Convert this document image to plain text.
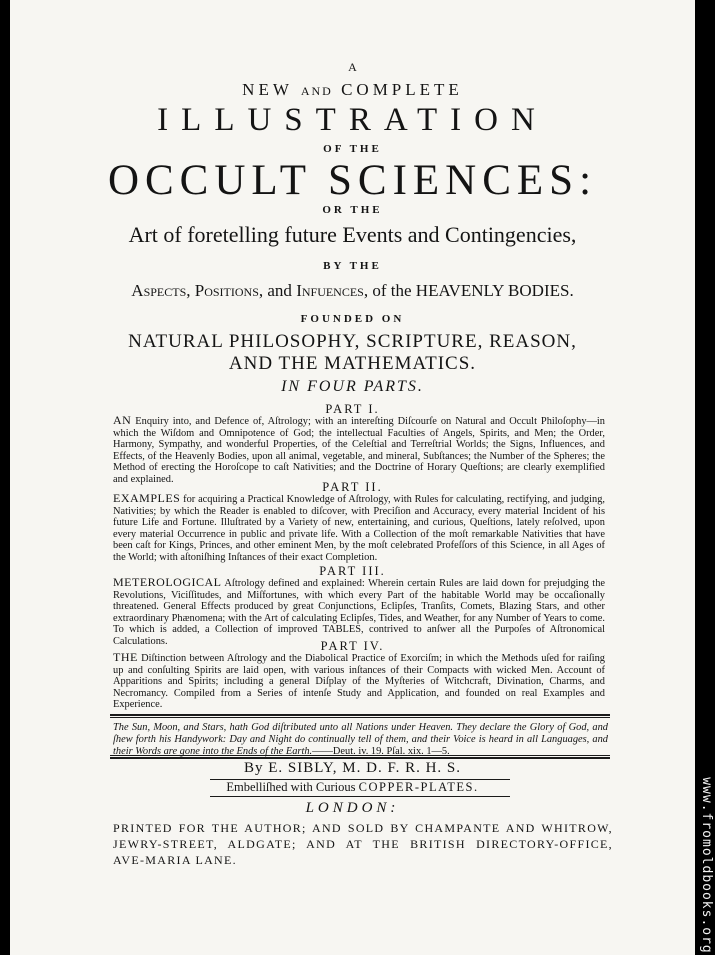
A
NEW AND COMPLETE
ILLUSTRATION
OF THE
OCCULT SCIENCES:
OR THE
Art of foretelling future Events and Contingencies,
BY THE
Aspects, Positions, and Infuences, of the HEAVENLY BODIES.
FOUNDED ON
NATURAL PHILOSOPHY, SCRIPTURE, REASON,
AND THE MATHEMATICS.
IN FOUR PARTS.
PART I.
AN Enquiry into, and Defence of, Aſtrology; with an intereſting Diſcourſe on Natural and Occult Philoſophy—in which the Wiſdom and Omnipotence of God; the intellectual Faculties of Angels, Spirits, and Men; the Order, Harmony, Sympathy, and wonderful Properties, of the Celeſtial and Terreſtrial Worlds; the Signs, Influences, and Effects, of the Heavenly Bodies, upon all animal, vegetable, and mineral, Subſtances; the Number of the Spheres; the Method of erecting the Horoſcope to caſt Nativities; and the Doctrine of Horary Queſtions; are clearly exemplified and explained.
PART II.
EXAMPLES for acquiring a Practical Knowledge of Aſtrology, with Rules for calculating, rectifying, and judging, Nativities; by which the Reader is enabled to diſcover, with Preciſion and Accuracy, every material Incident of his future Life and Fortune. Illuſtrated by a Variety of new, entertaining, and curious, Queſtions, lately reſolved, upon every material Occurrence in public and private life. With a Collection of the moſt remarkable Nativities that have been caſt for Kings, Princes, and other eminent Men, by the moſt celebrated Profeſſors of this Science, in all Ages of the World; with aſtoniſhing Inſtances of their exact Completion.
PART III.
METEROLOGICAL Aſtrology defined and explained: Wherein certain Rules are laid down for prejudging the Revolutions, Viciſſitudes, and Miſfortunes, with which every Part of the habitable World may be occaſionally threatened. General Effects produced by great Conjunctions, Eclipſes, Tranſits, Comets, Blazing Stars, and other extraordinary Phænomena; with the Art of calculating Eclipſes, Tides, and Weather, for any Number of Years to come. To which is added, a Collection of improved TABLES, contrived to anſwer all the Purpoſes of Aſtronomical Calculations.	PART IV.
THE Diſtinction between Aſtrology and the Diabolical Practice of Exorciſm; in which the Methods uſed for raiſing up and conſulting Spirits are laid open, with various inſtances of their Compacts with wicked Men. Account of Apparitions and Spirits; including a general Diſplay of the Myſteries of Witchcraft, Divination, Charms, and Necromancy. Compiled from a Series of intenſe Study and Application, and founded on real Examples and Experience.
The Sun, Moon, and Stars, hath God diſtributed unto all Nations under Heaven. They declare the Glory of God, and ſhew forth his Handywork: Day and Night do continually tell of them, and their Voice is heard in all Languages, and their Words are gone into the Ends of the Earth.——Deut. iv. 19. Pſal. xix. 1—5.
By E. SIBLY, M. D. F. R. H. S.
Embelliſhed with Curious COPPER-PLATES.
LONDON:
PRINTED FOR THE AUTHOR; AND SOLD BY CHAMPANTE AND WHITROW, JEWRY-STREET, ALDGATE; AND AT THE BRITISH DIRECTORY-OFFICE, AVE-MARIA LANE.	www.fromoldbooks.org
